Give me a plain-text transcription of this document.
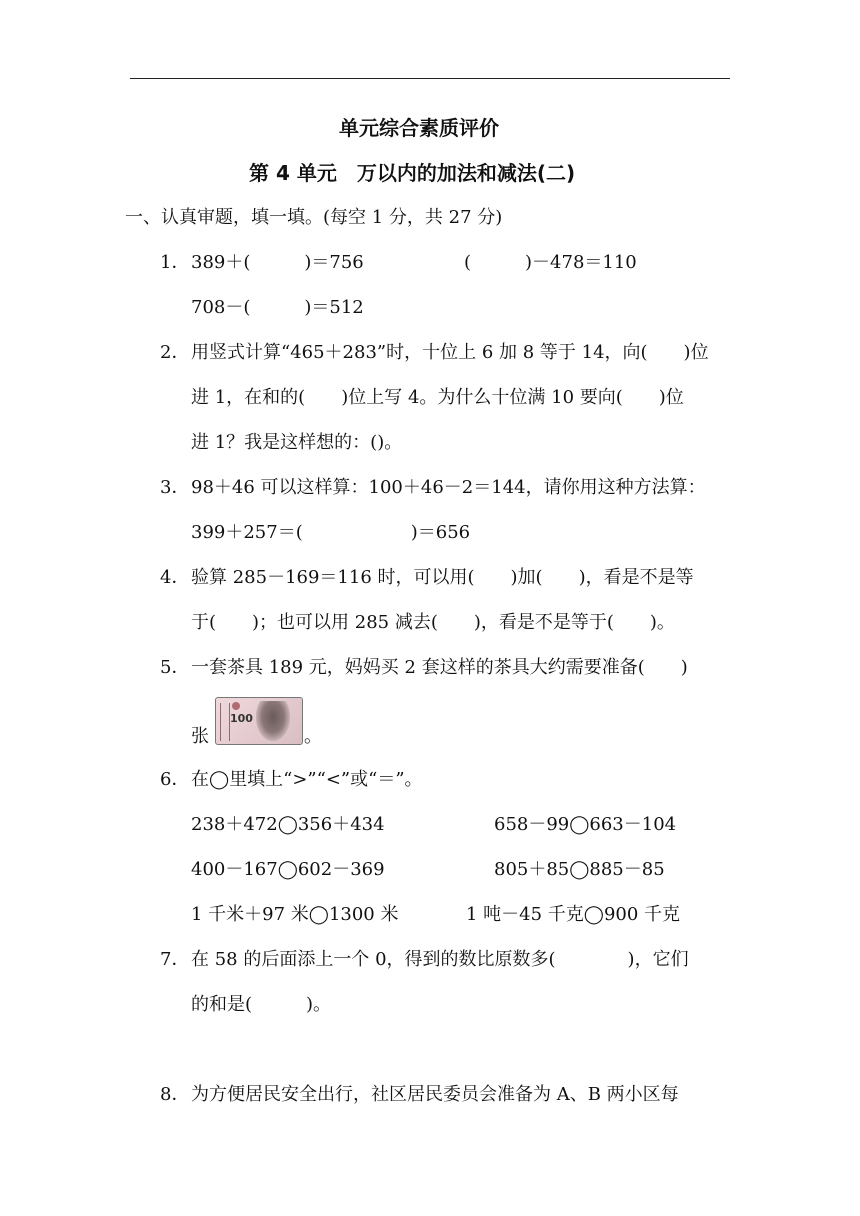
单元综合素质评价
第 4 单元　万以内的加法和减法(二)
一、认真审题，填一填。(每空 1 分，共 27 分)
1． 389＋(　　　)＝756	(　　　)－478＝110
708－(　　　)＝512
2． 用竖式计算“465＋283”时，十位上 6 加 8 等于 14，向(　　)位
进 1，在和的(　　)位上写 4。为什么十位满 10 要向(　　)位
进 1？我是这样想的：()。
3． 98＋46 可以这样算：100＋46－2＝144，请你用这种方法算：
399＋257＝(　　　　　　)＝656
4． 验算 285－169＝116 时，可以用(　　)加(　　)，看是不是等
于(　　)；也可以用 285 减去(　　)，看是不是等于(　　)。
5． 一套茶具 189 元，妈妈买 2 套这样的茶具大约需要准备(　　)
张
100
。
6． 在◯里填上“>”“<”或“＝”。
238＋472◯356＋434	658－99◯663－104
400－167◯602－369	805＋85◯885－85
1 千米＋97 米◯1300 米	1 吨－45 千克◯900 千克
7． 在 58 的后面添上一个 0，得到的数比原数多(　　　　)，它们
的和是(　　　)。
8． 为方便居民安全出行，社区居民委员会准备为 A、B 两小区每
